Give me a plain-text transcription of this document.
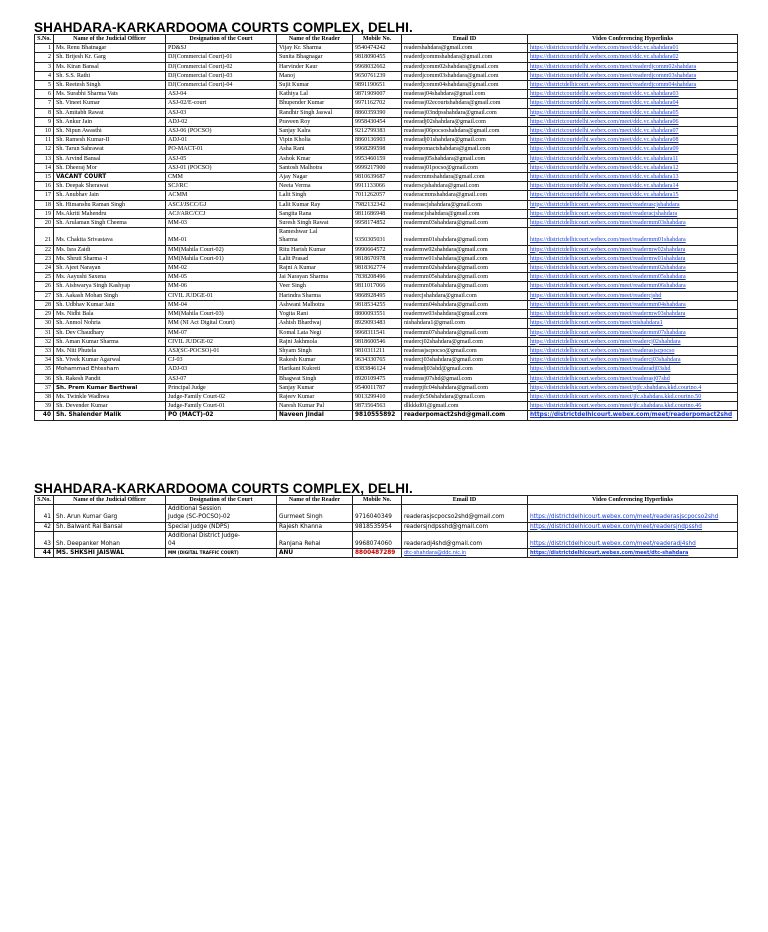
SHAHDARA-KARKARDOOMA COURTS COMPLEX, DELHI.
S.No.	Name of the Judicial Officer	Designation of the Court	Name of the Reader	Mobile No.	Email ID	Video Conferencing Hyperlinks
1	Ms. Renu Bhatnagar	PD&SJ	Vijay Kr. Sharma	9540474242	readershahdara@gmail.com	https://districtcourtdelhi.webex.com/meet/ddc.vc.shahdara01
2	Sh. Brijesh Kr. Garg	DJ(Commercial Court)-01	Sunita Bhagnagar	9818090455	readerdjcommshahdara@gmail.com	https://districtcourtdelhi.webex.com/meet/ddc.vc.shahdara02
3	Ms. Kiran Bansal	DJ(Commercial Court)-02	Harvinder Kaur	9968032662	readerdjcomm02shahdara@gmail.com	https://districtcourtdelhi.webex.com/meet/readerdjcomm02shahdara
4	Sh. S.S. Rathi	DJ(Commercial Court)-03	Manoj	9650761239	readerdjcomm03shahdara@gmail.com	https://districtcourtdelhi.webex.com/meet/readerdjcomm03shahdara
5	Sh. Reetesh Singh	DJ(Commercial Court)-04	Sujit Kumar	9891190651	readerdjcomm04shahdara@gmail.com	https://districtdelhicourt.webex.com/meet/readerdjcomm04shahdara
6	Ms. Surabhi Sharma Vats	ASJ-04	Kathiya Lal	9871909007	readerasj04shahdara@gmail.com	https://districtcourtdelhi.webex.com/meet/ddc.vc.shahdara03
7	Sh. Vineet Kumar	ASJ-02/E-court	Bhupender Kumar	9971162702	readerasj02ecourtshahdara@gmail.com	https://districtcourtdelhi.webex.com/meet/ddc.vc.shahdara04
8	Sh. Amitabh Rawat	ASJ-03	Randhir Singh Jaswal	8860359390	readerasj03ndpsshahdara@gmail.com	https://districtcourtdelhi.webex.com/meet/ddc.vc.shahdara05
9	Sh. Ankur Jain	ADJ-02	Praveen Roy	9958430454	readeradj02shahdara@gmail.com	https://districtcourtdelhi.webex.com/meet/ddc.vc.shahdara06
10	Sh. Nipun Awasthi	ASJ-06 (POCSO)	Sanjay Kalra	9212799383	readerasj06pocsoshahdara@gmail.com	https://districtcourtdelhi.webex.com/meet/ddc.vc.shahdara07
11	Sh. Ramesh Kumar-II	ADJ-01	Vipin Kholia	8860136903	readeradj01shahdara@gmail.com	https://districtcourtdelhi.webex.com/meet/ddc.vc.shahdara08
12	Sh. Tarun Sahrawat	PO-MACT-01	Asha Rani	9968299598	readerpomactshahdara@gmail.com	https://districtcourtdelhi.webex.com/meet/ddc.vc.shahdara09
13	Sh. Arvind Bansal	ASJ-05	Ashok Kmar	9953460159	readerasj05shahdara@gmail.com	https://districtcourtdelhi.webex.com/meet/ddc.vc.shahdara11
14	Sh. Dheeraj Mor	ASJ-01 (POCSO)	Santosh Malhotra	9999217900	readerasj01pocso@gmail.com	https://districtcourtdelhi.webex.com/meet/ddc.vc.shahdara12
15	VACANT COURT	CMM	Ajay Nagar	9810639687	readercmmshahdara@gmail.com	https://districtcourtdelhi.webex.com/meet/ddc.vc.shahdara13
16	Sh. Deepak Sherawat	SCJ/RC	Neeta Verma	9911133066	readerscjshahdara@gmail.com	https://districtcourtdelhi.webex.com/meet/ddc.vc.shahdara14
17	Sh. Anubhav Jain	ACMM	Lalit Singh	7011262057	readeracmmshahdara@gmail.com	https://districtcourtdelhi.webex.com/meet/ddc.vc.shahdara15
18	Sh. Himanshu Raman Singh	ASCJ/JSCC/GJ	Lalit Kumar Ray	7982132342	readerascjshahdara@gmail.com	https://districtdelhicourt.webex.com/meet/readerascjshahdara
19	Ms.Akriti Mahendru	ACJ/ARC/CCJ	Sangita Rana	9811686948	readeracjshahdara@gmail.com	https://districtdelhicourt.webex.com/meet/readeracjshahdara
20	Sh. Arulaman Singh Cheema	MM-03	Suresh Singh Rawat	9958174852	readermm03shahdara@gmail.com	https://districtdelhicourt.webex.com/meet/readermm03shahdara
21	Ms. Chakita Srivastava	MM-01	Rameshwar Lal
Sharma	9350305031	readermm01shahdara@gmail.com	https://districtdelhicourt.webex.com/meet/readermm01shahdara
22	Ms. Isra Zaidi	MM(Mahila Court-02)	Ritu Harish Kumar	9990664572	readermw02shahdara@gmail.com	https://districtdelhicourt.webex.com/meet/readermw02shahdara
23	Ms. Shruti Sharma -I	MM(Mahila Court-01)	Lalit Prasad	9818670978	readermw01shahdara@gmail.com	https://districtdelhicourt.webex.com/meet/readermw01shahdara
24	Sh. Ajeet Narayan	MM-02	Rajni A Kumar	9818362774	readermm02shahdara@gmail.com	https://districtdelhicourt.webex.com/meet/readermm02shahdara
25	Ms. Aayushi Saxena	MM-05	Jai Narayan Sharma	7838208496	readermm05shahdara@gmail.com	https://districtdelhicourt.webex.com/meet/readermm05shahdara
26	Sh. Aishwarya Singh Kashyap	MM-06	Veer Singh	9811017066	readermm06shahdara@gmail.com	https://districtdelhicourt.webex.com/meet/readermm06shahdara
27	Sh. Aakash Mohan Singh	CIVIL JUDGE-01	Harindra Sharma	9868928495	readercjshahdara@gmail.com	https://districtdelhicourt.webex.com/meet/readercjshd
28	Sh. Udbhav Kumar Jain	MM-04	Ashwani Malhotra	9818534255	readermm04shahdara@gmail.com	https://districtdelhicourt.webex.com/meet/readermm04shahdara
29	Ms. Nidhi Bala	MM(Mahila Court-03)	Yogita Rani	8800093551	readermw03shahdara@gmail.com	https://districtdelhicourt.webex.com/meet/readermw03shahdara
30	Sh. Anmol Nohria	MM (NI Act Digital Court)	Ashish Bhardwaj	8929093483	nishahdara1@gmail.com	https://districtdelhicourt.webex.com/meet/nishahdara1
31	Sh. Dev Chaudhary	MM-07	Komal Lata Negi	9968311541	readermm07shahdara@gmail.com	https://districtdelhicourt.webex.com/meet/readermm07shahdara
32	Sh. Aman Kumar Sharma	CIVIL JUDGE-02	Rajni Jakhmola	9818600546	readercj02shahdara@gmail.com	https://districtdelhicourt.webex.com/meet/readercj02shahdara
33	Ms. Niti Phutela	ASJ(SC-POCSO)-01	Shyam Singh	9810311211	readerasjscpocso@gmail.com	https://districtdelhicourt.webex.com/meet/readerasjscpocso
34	Sh. Vivek Kumar Agarwal	CJ-03	Rakesh Kumar	9634330765	readercj03shahdara@gmail.com	https://districtdelhicourt.webex.com/meet/readercj03shahdara
35	Mohammad Ehtesham	ADJ-03	Harikant Kukreti	8383846124	readeradj03shd@gmail.com	https://districtdelhicourt.webex.com/meet/readeradj03shd
36	Sh. Rakesh Pandit	ASJ-07	Bhagwat Singh	8920109475	readerasj07shd@gmail.com	https://districtdelhicourt.webex.com/meet/readerasj07shd
37	Sh. Prem Kumar Barthwal	Principal Judge	Sanjay Kumar	9540011787	readerpjfc04shahdara@gmail.com	https://districtdelhicourt.webex.com/meet/pjfc.shahdara.kkd.courtno.4
38	Ms. Twinkle Wadhwa	Judge-Family Court-02	Rajeev Kumar	9013299410	readerjfc50shahdara@gmail.com	https://districtdelhicourt.webex.com/meet/jfc.shahdara.kkd.courtno.50
39	Sh. Devender Kumar	Judge-Family Court-01	Naresh Kumar Pal	9873564563	dlkkkd01@gmail.com	https://districtdelhicourt.webex.com/meet/jfc.shahdara.kkd.courtno.46
40	Sh. Shalender Malik	PO (MACT)-02	Naveen Jindal	9810555892	readerpomact2shd@gmail.com	https://districtdelhicourt.webex.com/meet/readerpomact2shd
SHAHDARA-KARKARDOOMA COURTS COMPLEX, DELHI.
S.No.	Name of the Judicial Officer	Designation of the Court	Name of the Reader	Mobile No.	Email ID	Video Conferencing Hyperlinks
41	Sh. Arun Kumar Garg	Additional Session
Judge (SC-POCSO)-02	Gurmeet Singh	9716040349	readerasjscpocso2shd@gmail.com	https://districtdelhicourt.webex.com/meet/readerasjscpocso2shd
42	Sh. Balwant Rai Bansal	Special Judge (NDPS)	Rajesh Khanna	9818535954	readersjndpsshd@gmail.com	https://districtdelhicourt.webex.com/meet/readersjndpsshd
43	Sh. Deepanker Mohan	Additional District Judge-
04	Ranjana Rehal	9968074060	readeradj4shd@gmail.com	https://districtdelhicourt.webex.com/meet/readeradj4shd
44	MS. SHKSHI JAISWAL	MM (DIGITAL TRAFFIC COURT)	ANU	8800487289	dtc-shahdara@ddc.nic.in	https://districtdelhicourt.webex.com/meet/dtc-shahdara
